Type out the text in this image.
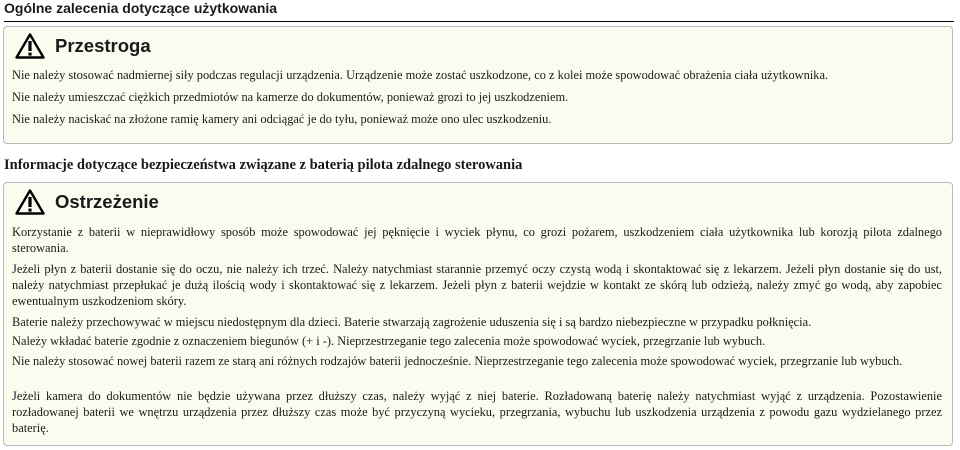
Ogólne zalecenia dotyczące użytkowania
Przestroga
Nie należy stosować nadmiernej siły podczas regulacji urządzenia. Urządzenie może zostać uszkodzone, co z kolei może spowodować obrażenia ciała użytkownika.
Nie należy umieszczać ciężkich przedmiotów na kamerze do dokumentów, ponieważ grozi to jej uszkodzeniem.
Nie należy naciskać na złożone ramię kamery ani odciągać je do tyłu, ponieważ może ono ulec uszkodzeniu.
Informacje dotyczące bezpieczeństwa związane z baterią pilota zdalnego sterowania
Ostrzeżenie
Korzystanie z baterii w nieprawidłowy sposób może spowodować jej pęknięcie i wyciek płynu, co grozi pożarem, uszkodzeniem ciała użytkownika lub korozją pilota zdalnego sterowania.
Jeżeli płyn z baterii dostanie się do oczu, nie należy ich trzeć. Należy natychmiast starannie przemyć oczy czystą wodą i skontaktować się z lekarzem. Jeżeli płyn dostanie się do ust, należy natychmiast przepłukać je dużą ilością wody i skontaktować się z lekarzem. Jeżeli płyn z baterii wejdzie w kontakt ze skórą lub odzieżą, należy zmyć go wodą, aby zapobiec ewentualnym uszkodzeniom skóry.
Baterie należy przechowywać w miejscu niedostępnym dla dzieci. Baterie stwarzają zagrożenie uduszenia się i są bardzo niebezpieczne w przypadku połknięcia.
Należy wkładać baterie zgodnie z oznaczeniem biegunów (+ i -). Nieprzestrzeganie tego zalecenia może spowodować wyciek, przegrzanie lub wybuch.
Nie należy stosować nowej baterii razem ze starą ani różnych rodzajów baterii jednocześnie. Nieprzestrzeganie tego zalecenia może spowodować wyciek, przegrzanie lub wybuch.
Jeżeli kamera do dokumentów nie będzie używana przez dłuższy czas, należy wyjąć z niej baterie. Rozładowaną baterię należy natychmiast wyjąć z urządzenia. Pozostawienie rozładowanej baterii we wnętrzu urządzenia przez dłuższy czas może być przyczyną wycieku, przegrzania, wybuchu lub uszkodzenia urządzenia z powodu gazu wydzielanego przez baterię.
